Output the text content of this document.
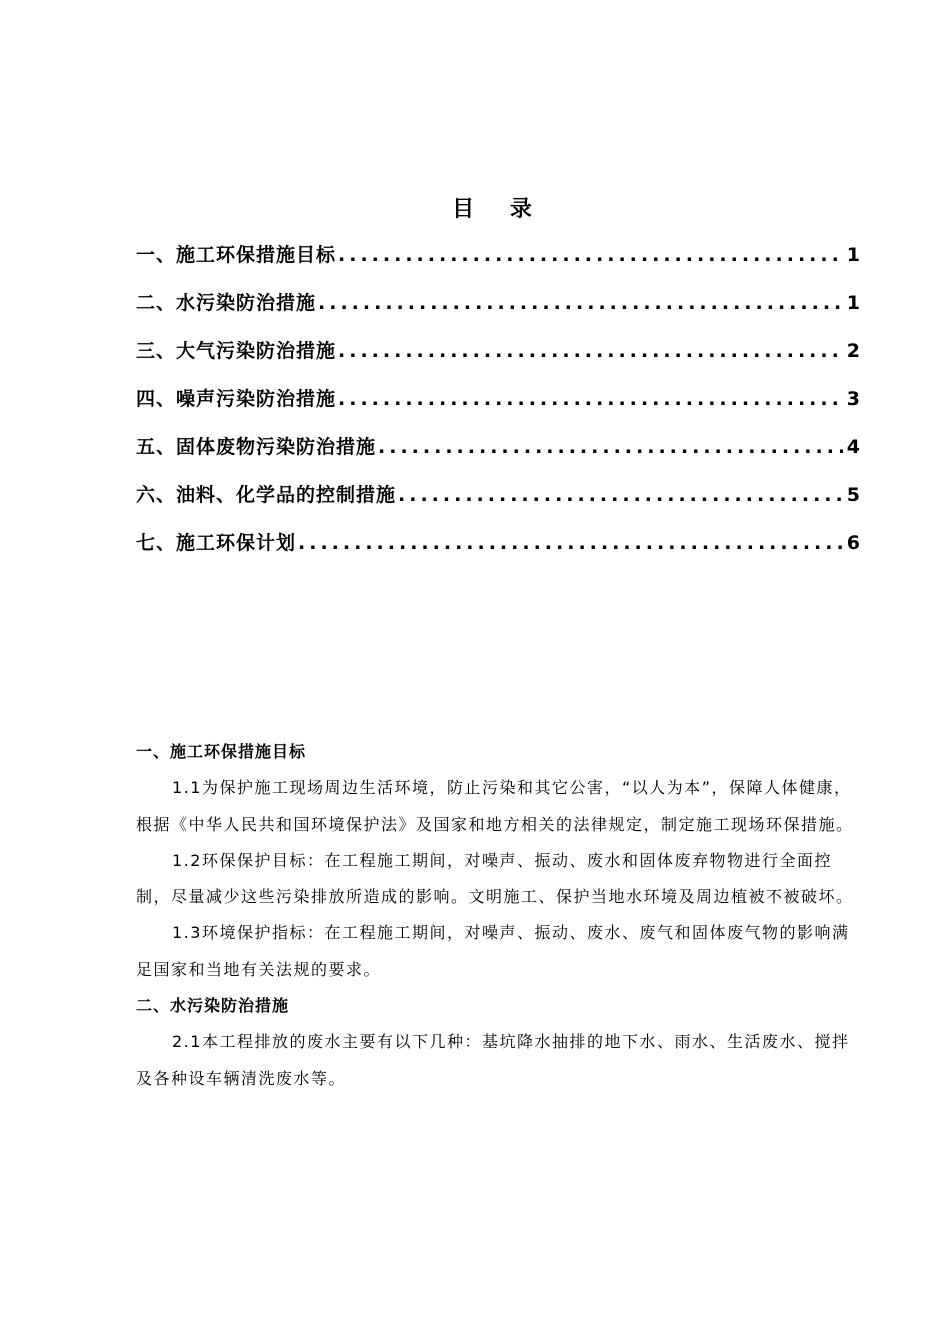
目 录
一、施工环保措施目标 .....	1
二、水污染防治措施 .....	1
三、大气污染防治措施 .....	2
四、噪声污染防治措施 .....	3
五、固体废物污染防治措施 .....	4
六、油料、化学品的控制措施 .....	5
七、施工环保计划 .....	6
一、施工环保措施目标

1.1为保护施工现场周边生活环境，防止污染和其它公害，“以人为本”，保障人体健康，根据《中华人民共和国环境保护法》及国家和地方相关的法律规定，制定施工现场环保措施。

1.2环保保护目标：在工程施工期间，对噪声、振动、废水和固体废弃物物进行全面控制，尽量减少这些污染排放所造成的影响。文明施工、保护当地水环境及周边植被不被破坏。

1.3环境保护指标：在工程施工期间，对噪声、振动、废水、废气和固体废气物的影响满足国家和当地有关法规的要求。

二、水污染防治措施

2.1本工程排放的废水主要有以下几种：基坑降水抽排的地下水、雨水、生活废水、搅拌及各种设车辆清洗废水等。
